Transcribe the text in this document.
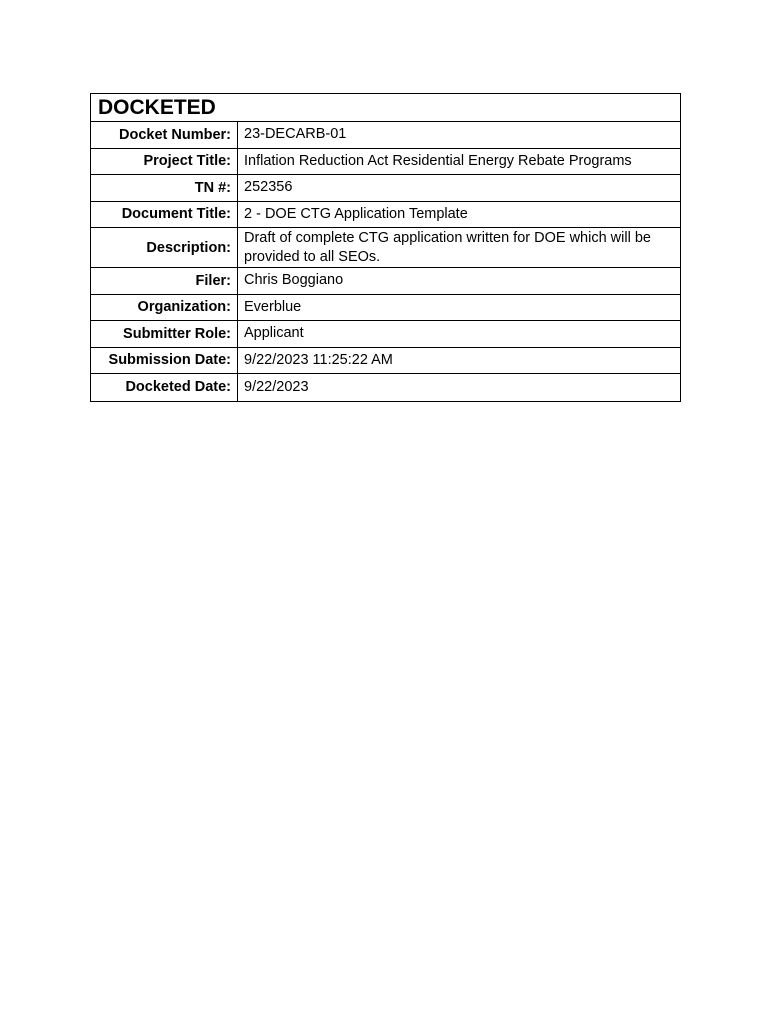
DOCKETED
Docket Number: 23-DECARB-01
Project Title: Inflation Reduction Act Residential Energy Rebate Programs
TN #: 252356
Document Title: 2 - DOE CTG Application Template
Description:
Draft of complete CTG application written for DOE which will be provided to all SEOs.
Filer: Chris Boggiano
Organization: Everblue
Submitter Role: Applicant
Submission Date: 9/22/2023 11:25:22 AM
Docketed Date: 9/22/2023
